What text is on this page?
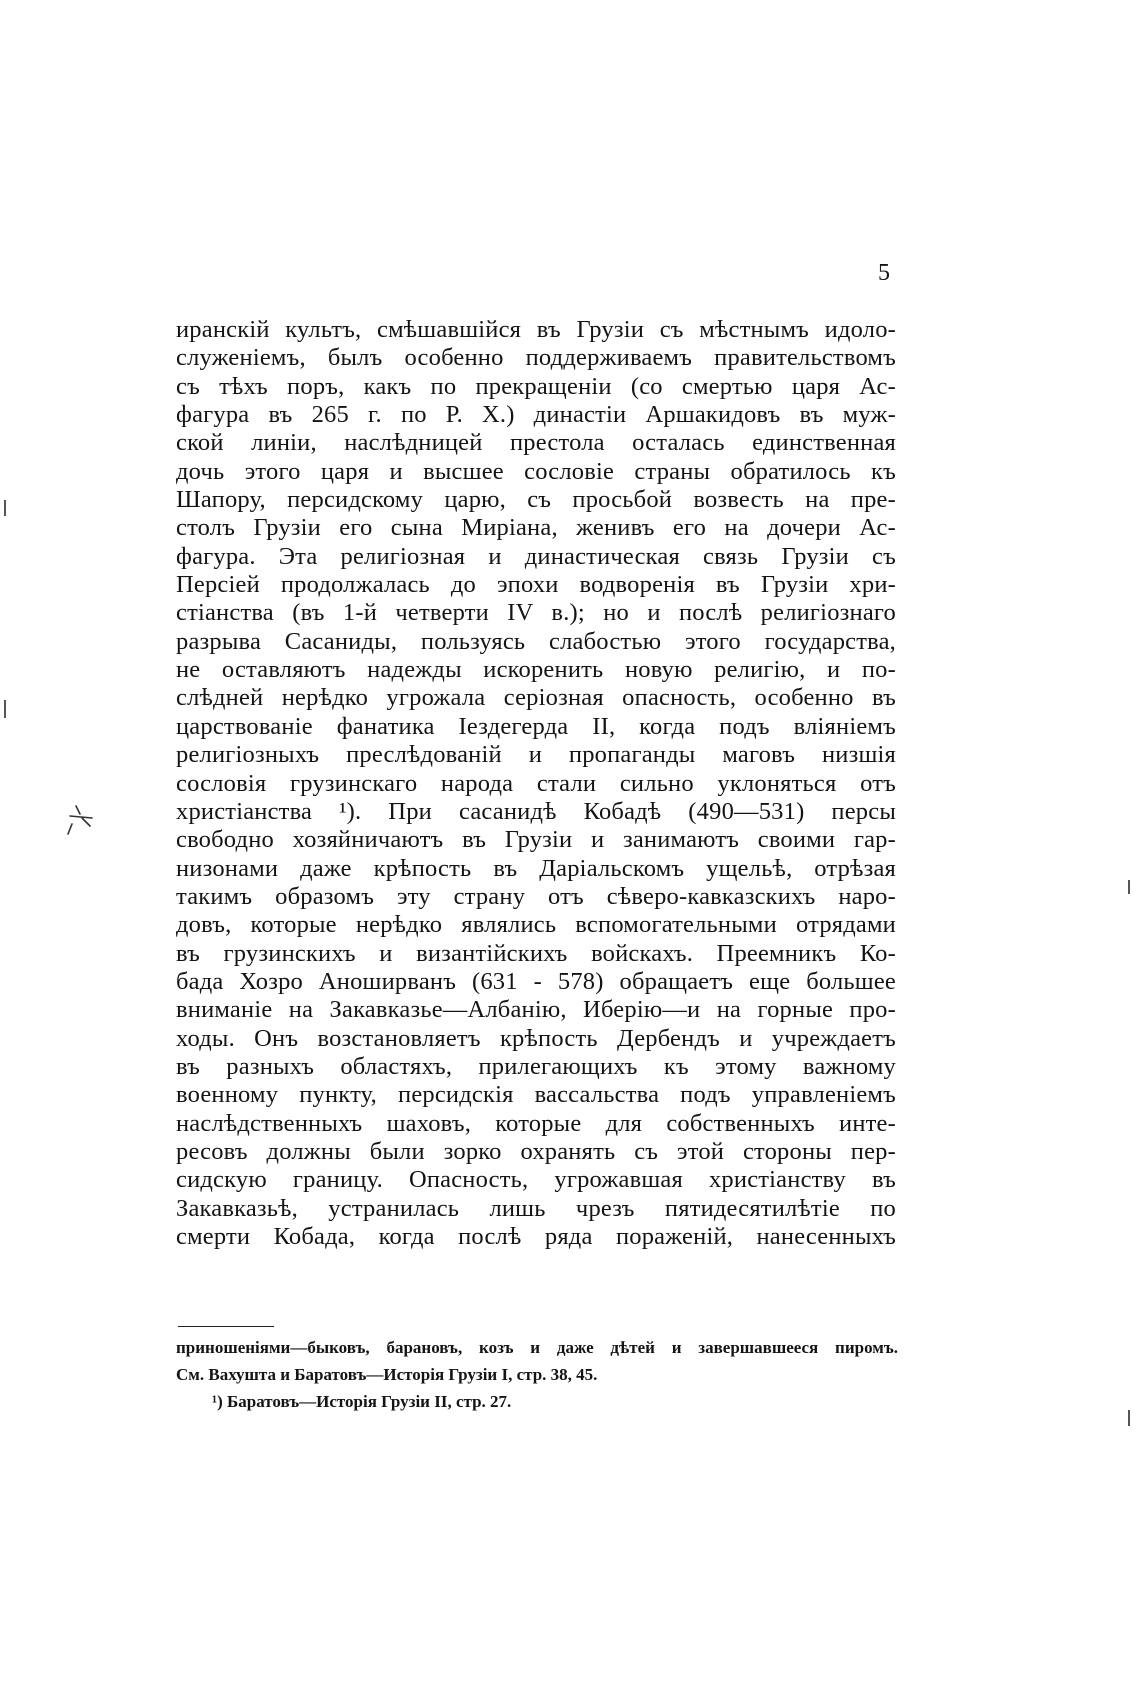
5
иранскій культъ, смѣшавшійся въ Грузіи съ мѣстнымъ идоло-
служеніемъ, былъ особенно поддерживаемъ правительствомъ
съ тѣхъ поръ, какъ по прекращеніи (со смертью царя Ас-
фагура въ 265 г. по Р. Х.) династіи Аршакидовъ въ муж-
ской линіи, наслѣдницей престола осталась единственная
дочь этого царя и высшее сословіе страны обратилось къ
Шапору, персидскому царю, съ просьбой возвесть на пре-
столъ Грузіи его сына Миріана, женивъ его на дочери Ас-
фагура. Эта религіозная и династическая связь Грузіи съ
Персіей продолжалась до эпохи водворенія въ Грузіи хри-
стіанства (въ 1-й четверти IV в.); но и послѣ религіознаго
разрыва Сасаниды, пользуясь слабостью этого государства,
не оставляютъ надежды искоренить новую религію, и по-
слѣдней нерѣдко угрожала серіозная опасность, особенно въ
царствованіе фанатика Іездегерда II, когда подъ вліяніемъ
религіозныхъ преслѣдованій и пропаганды маговъ низшія
сословія грузинскаго народа стали сильно уклоняться отъ
христіанства ¹). При сасанидѣ Кобадѣ (490—531) персы
свободно хозяйничаютъ въ Грузіи и занимаютъ своими гар-
низонами даже крѣпость въ Даріальскомъ ущельѣ, отрѣзая
такимъ образомъ эту страну отъ сѣверо-кавказскихъ наро-
довъ, которые нерѣдко являлись вспомогательными отрядами
въ грузинскихъ и византійскихъ войскахъ. Преемникъ Ко-
бада Хозро Аноширванъ (631 - 578) обращаетъ еще большее
вниманіе на Закавказье—Албанію, Иберію—и на горные про-
ходы. Онъ возстановляетъ крѣпость Дербендъ и учреждаетъ
въ разныхъ областяхъ, прилегающихъ къ этому важному
военному пункту, персидскія вассальства подъ управленіемъ
наслѣдственныхъ шаховъ, которые для собственныхъ инте-
ресовъ должны были зорко охранять съ этой стороны пер-
сидскую границу. Опасность, угрожавшая христіанству въ
Закавказьѣ, устранилась лишь чрезъ пятидесятилѣтіе по
смерти Кобада, когда послѣ ряда пораженій, нанесенныхъ
приношеніями—быковъ, барановъ, козъ и даже дѣтей и завершавшееся пиромъ.
См. Вахушта и Баратовъ—Исторія Грузіи I, стр. 38, 45.
¹) Баратовъ—Исторія Грузіи II, стр. 27.
